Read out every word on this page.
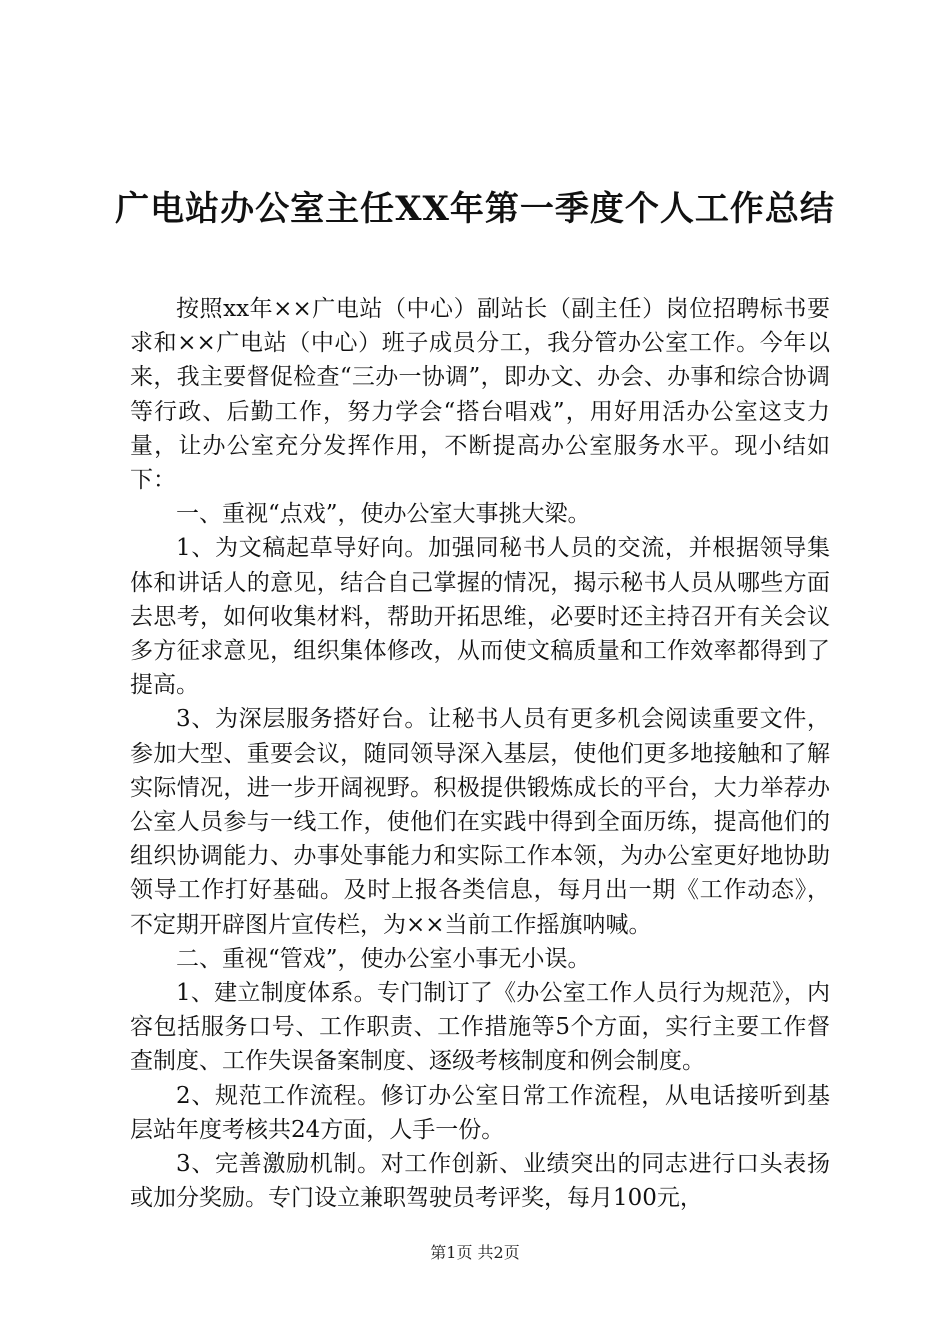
广电站办公室主任XX年第一季度个人工作总结

按照xx年××广电站（中心）副站长（副主任）岗位招聘标书要求和××广电站（中心）班子成员分工，我分管办公室工作。今年以来，我主要督促检查“三办一协调”，即办文、办会、办事和综合协调等行政、后勤工作，努力学会“搭台唱戏”，用好用活办公室这支力量，让办公室充分发挥作用，不断提高办公室服务水平。现小结如下：

一、重视“点戏”，使办公室大事挑大梁。

1、为文稿起草导好向。加强同秘书人员的交流，并根据领导集体和讲话人的意见，结合自己掌握的情况，揭示秘书人员从哪些方面去思考，如何收集材料，帮助开拓思维，必要时还主持召开有关会议多方征求意见，组织集体修改，从而使文稿质量和工作效率都得到了提高。

3、为深层服务搭好台。让秘书人员有更多机会阅读重要文件，参加大型、重要会议，随同领导深入基层，使他们更多地接触和了解实际情况，进一步开阔视野。积极提供锻炼成长的平台，大力举荐办公室人员参与一线工作，使他们在实践中得到全面历练，提高他们的组织协调能力、办事处事能力和实际工作本领，为办公室更好地协助领导工作打好基础。及时上报各类信息，每月出一期《工作动态》，不定期开辟图片宣传栏，为××当前工作摇旗呐喊。

二、重视“管戏”，使办公室小事无小误。

1、建立制度体系。专门制订了《办公室工作人员行为规范》，内容包括服务口号、工作职责、工作措施等5个方面，实行主要工作督查制度、工作失误备案制度、逐级考核制度和例会制度。

2、规范工作流程。修订办公室日常工作流程，从电话接听到基层站年度考核共24方面，人手一份。

3、完善激励机制。对工作创新、业绩突出的同志进行口头表扬或加分奖励。专门设立兼职驾驶员考评奖，每月100元，

第1页 共2页
